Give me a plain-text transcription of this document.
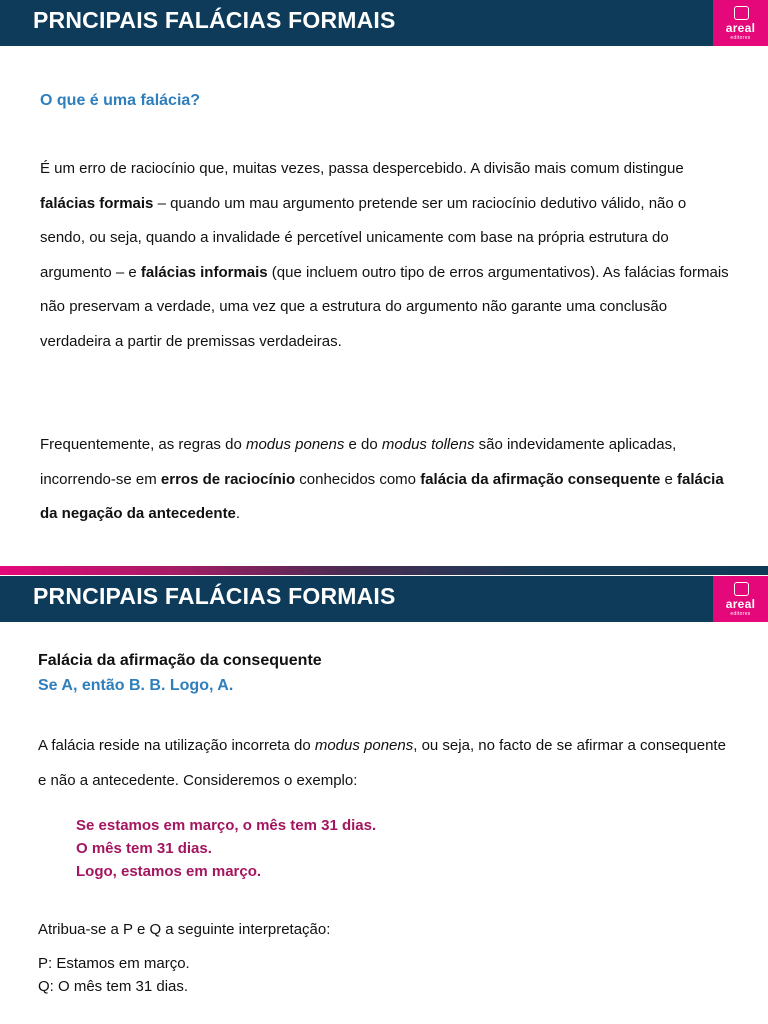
PRNCIPAIS FALÁCIAS FORMAIS	areal
editores
O que é uma falácia?
É um erro de raciocínio que, muitas vezes, passa despercebido. A divisão mais comum distingue falácias formais – quando um mau argumento pretende ser um raciocínio dedutivo válido, não o sendo, ou seja, quando a invalidade é percetível unicamente com base na própria estrutura do argumento – e falácias informais (que incluem outro tipo de erros argumentativos). As falácias formais não preservam a verdade, uma vez que a estrutura do argumento não garante uma conclusão verdadeira a partir de premissas verdadeiras.
Frequentemente, as regras do modus ponens e do modus tollens são indevidamente aplicadas, incorrendo-se em erros de raciocínio conhecidos como falácia da afirmação consequente e falácia da negação da antecedente.
PRNCIPAIS FALÁCIAS FORMAIS	areal
editores
Falácia da afirmação da consequente
Se A, então B. B. Logo, A.
A falácia reside na utilização incorreta do modus ponens, ou seja, no facto de se afirmar a consequente e não a antecedente. Consideremos o exemplo:
Se estamos em março, o mês tem 31 dias.
O mês tem 31 dias.
Logo, estamos em março.
Atribua-se a P e Q a seguinte interpretação:
P: Estamos em março.
Q: O mês tem 31 dias.
